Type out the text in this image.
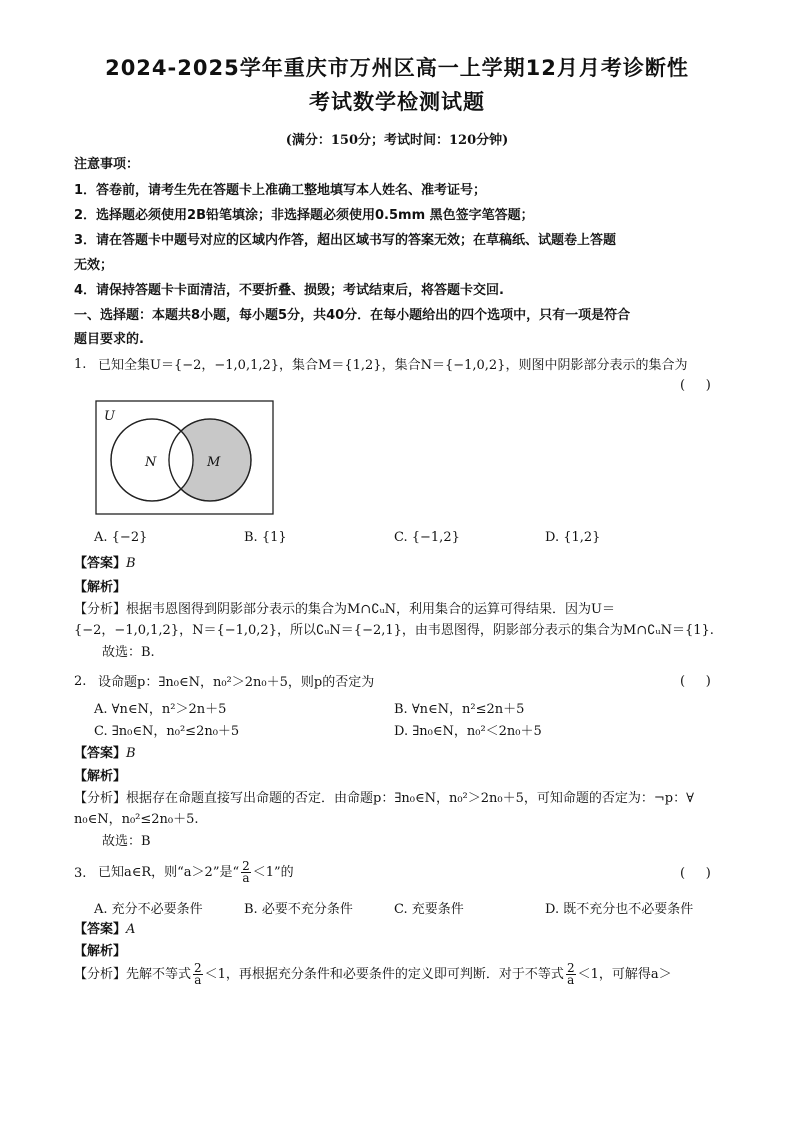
2024-2025学年重庆市万州区高一上学期12月月考诊断性
考试数学检测试题
(满分：150分；考试时间：120分钟)
注意事项：
1．答卷前，请考生先在答题卡上准确工整地填写本人姓名、准考证号；
2．选择题必须使用2B铅笔填涂；非选择题必须使用0.5mm 黑色签字笔答题；
3．请在答题卡中题号对应的区域内作答，超出区域书写的答案无效；在草稿纸、试题卷上答题
无效；
4．请保持答题卡卡面清洁，不要折叠、损毁；考试结束后，将答题卡交回.
一、选择题：本题共8小题，每小题5分，共40分．在每小题给出的四个选项中，只有一项是符合
题目要求的.
1. 已知全集U＝{−2，−1,0,1,2}，集合M＝{1,2}，集合N＝{−1,0,2}，则图中阴影部分表示的集合为
(     )
U
N	M
A. {−2}	B. {1}	C. {−1,2}	D. {1,2}
【答案】B
【解析】
【分析】根据韦恩图得到阴影部分表示的集合为M∩∁ᵤN，利用集合的运算可得结果．因为U＝
{−2，−1,0,1,2}，N＝{−1,0,2}，所以∁ᵤN＝{−2,1}，由韦恩图得，阴影部分表示的集合为M∩∁ᵤN＝{1}.
故选：B.
2. 设命题p：∃n₀∈N，n₀²＞2n₀＋5，则p的否定为	(     )
A. ∀n∈N，n²＞2n＋5	B. ∀n∈N，n²≤2n＋5
C. ∃n₀∈N，n₀²≤2n₀＋5	D. ∃n₀∈N，n₀²＜2n₀＋5
【答案】B
【解析】
【分析】根据存在命题直接写出命题的否定．由命题p：∃n₀∈N，n₀²＞2n₀＋5，可知命题的否定为：¬p：∀
n₀∈N，n₀²≤2n₀＋5.
故选：B
3. 已知a∈R，则“a＞2”是“ $\frac{2}{a} <1$”的	(     )
A. 充分不必要条件	B. 必要不充分条件	C. 充要条件	D. 既不充分也不必要条件
【答案】A
【解析】
【分析】先解不等式 $\frac{2}{a} <1$，再根据充分条件和必要条件的定义即可判断．对于不等式 $\frac{2}{a} <1$，可解得a＞
